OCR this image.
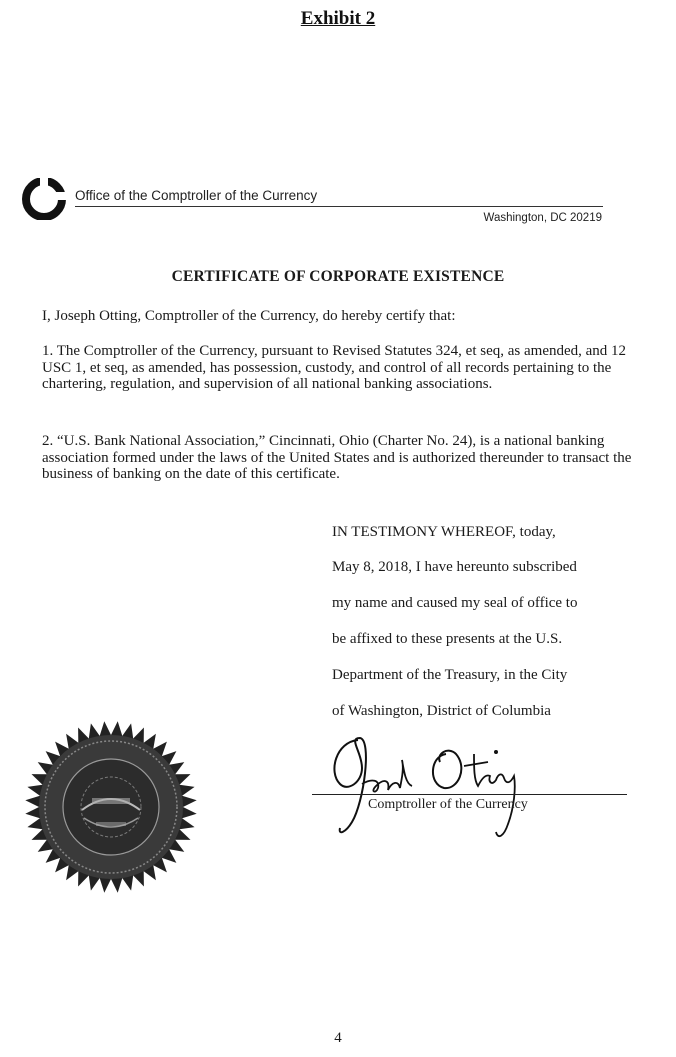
Exhibit 2
Office of the Comptroller of the Currency
Washington, DC 20219
CERTIFICATE OF CORPORATE EXISTENCE
I, Joseph Otting, Comptroller of the Currency, do hereby certify that:
1. The Comptroller of the Currency, pursuant to Revised Statutes 324, et seq, as amended, and 12 USC 1, et seq, as amended, has possession, custody, and control of all records pertaining to the chartering, regulation, and supervision of all national banking associations.
2. “U.S. Bank National Association,” Cincinnati, Ohio (Charter No. 24), is a national banking association formed under the laws of the United States and is authorized thereunder to transact the business of banking on the date of this certificate.
IN TESTIMONY WHEREOF, today,
May 8, 2018, I have hereunto subscribed
my name and caused my seal of office to
be affixed to these presents at the U.S.
Department of the Treasury, in the City
of Washington, District of Columbia
Comptroller of the Currency
4
